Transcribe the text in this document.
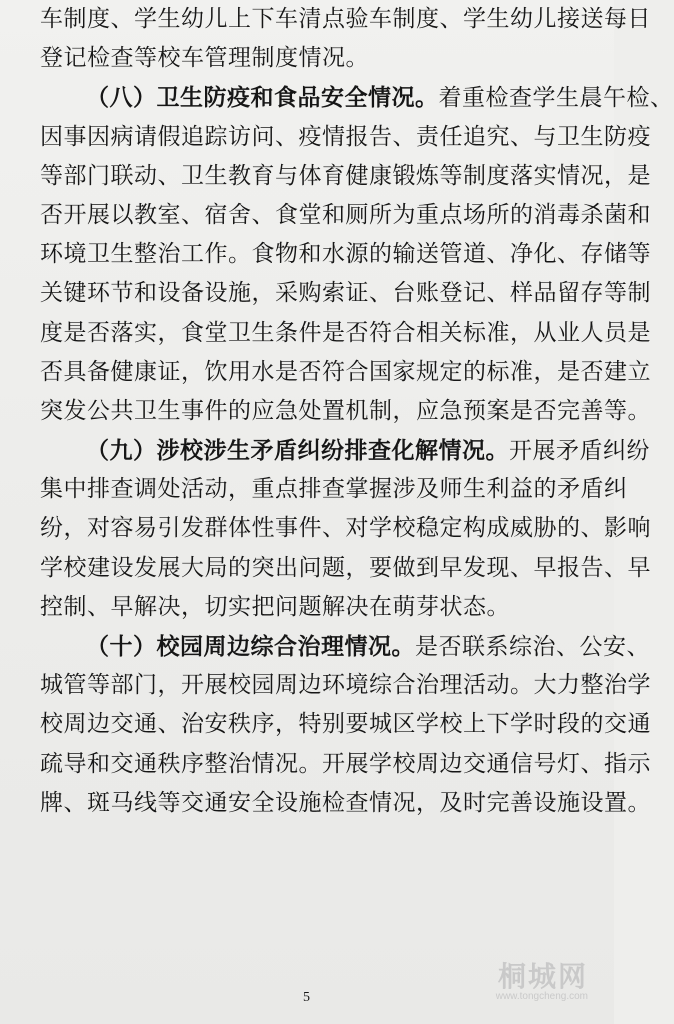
车制度、学生幼儿上下车清点验车制度、学生幼儿接送每日
登记检查等校车管理制度情况。
（八）卫生防疫和食品安全情况。着重检查学生晨午检、
因事因病请假追踪访问、疫情报告、责任追究、与卫生防疫
等部门联动、卫生教育与体育健康锻炼等制度落实情况，是
否开展以教室、宿舍、食堂和厕所为重点场所的消毒杀菌和
环境卫生整治工作。食物和水源的输送管道、净化、存储等
关键环节和设备设施，采购索证、台账登记、样品留存等制
度是否落实，食堂卫生条件是否符合相关标准，从业人员是
否具备健康证，饮用水是否符合国家规定的标准，是否建立
突发公共卫生事件的应急处置机制，应急预案是否完善等。
（九）涉校涉生矛盾纠纷排查化解情况。开展矛盾纠纷
集中排查调处活动，重点排查掌握涉及师生利益的矛盾纠
纷，对容易引发群体性事件、对学校稳定构成威胁的、影响
学校建设发展大局的突出问题，要做到早发现、早报告、早
控制、早解决，切实把问题解决在萌芽状态。
（十）校园周边综合治理情况。是否联系综治、公安、
城管等部门，开展校园周边环境综合治理活动。大力整治学
校周边交通、治安秩序，特别要城区学校上下学时段的交通
疏导和交通秩序整治情况。开展学校周边交通信号灯、指示
牌、斑马线等交通安全设施检查情况，及时完善设施设置。
桐城网
www.tongcheng.com
5
